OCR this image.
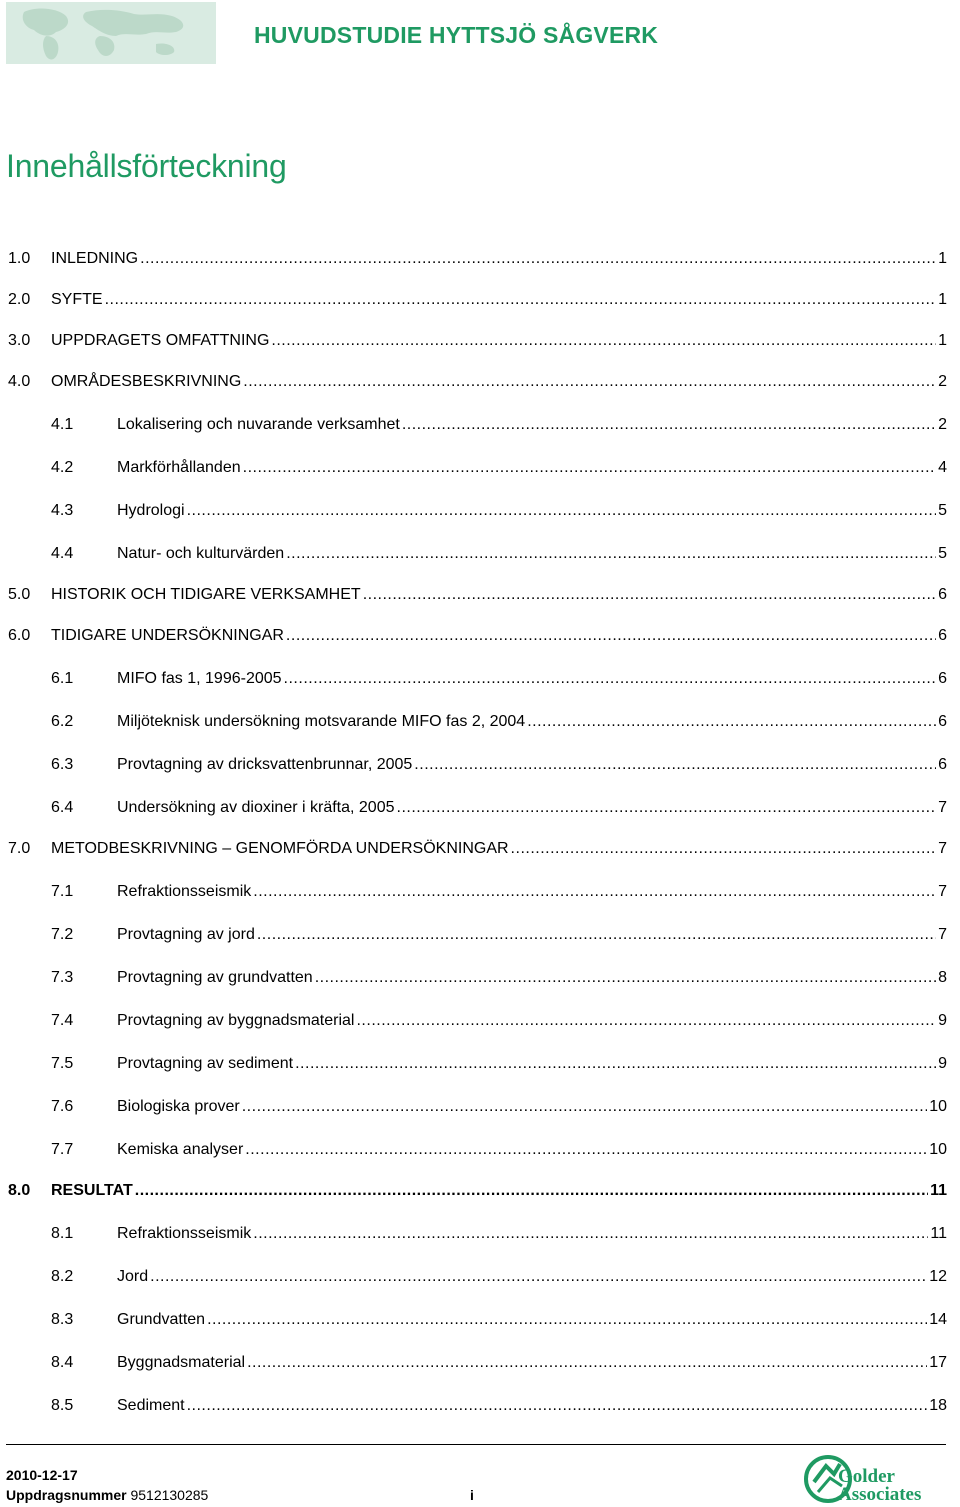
HUVUDSTUDIE HYTTSJÖ SÅGVERK
Innehållsförteckning
1.0	INLEDNING .....	1
2.0	SYFTE .....	1
3.0	UPPDRAGETS OMFATTNING .....	1
4.0	OMRÅDESBESKRIVNING .....	2
4.1	Lokalisering och nuvarande verksamhet .....	2
4.2	Markförhållanden .....	4
4.3	Hydrologi .....	5
4.4	Natur- och kulturvärden .....	5
5.0	HISTORIK OCH TIDIGARE VERKSAMHET .....	6
6.0	TIDIGARE UNDERSÖKNINGAR .....	6
6.1	MIFO fas 1, 1996-2005 .....	6
6.2	Miljöteknisk undersökning motsvarande MIFO fas 2, 2004 .....	6
6.3	Provtagning av dricksvattenbrunnar, 2005 .....	6
6.4	Undersökning av dioxiner i kräfta, 2005 .....	7
7.0	METODBESKRIVNING – GENOMFÖRDA UNDERSÖKNINGAR .....	7
7.1	Refraktionsseismik .....	7
7.2	Provtagning av jord .....	7
7.3	Provtagning av grundvatten .....	8
7.4	Provtagning av byggnadsmaterial .....	9
7.5	Provtagning av sediment .....	9
7.6	Biologiska prover .....	10
7.7	Kemiska analyser .....	10
8.0	RESULTAT .....	11
8.1	Refraktionsseismik .....	11
8.2	Jord .....	12
8.3	Grundvatten .....	14
8.4	Byggnadsmaterial .....	17
8.5	Sediment .....	18
2010-12-17
Uppdragsnummer 9512130285	i
Golder
Associates
